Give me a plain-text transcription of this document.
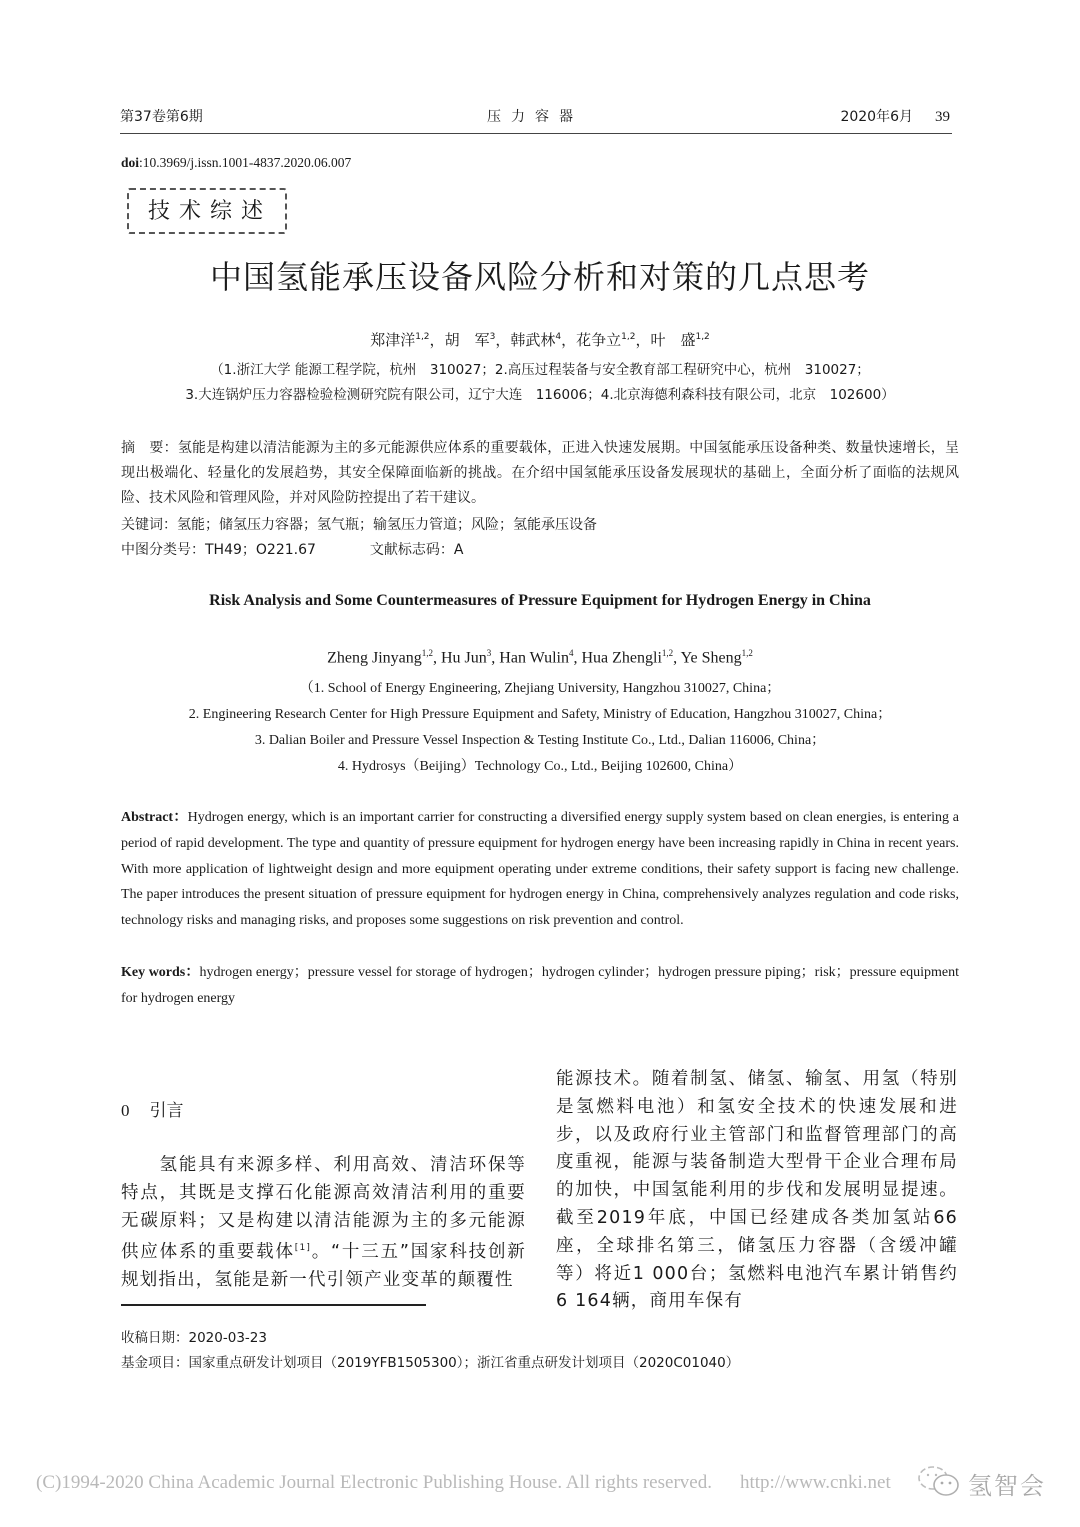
第37卷第6期	压力容器	2020年6月 39
doi:10.3969/j.issn.1001-4837.2020.06.007
技术综述
中国氢能承压设备风险分析和对策的几点思考
郑津洋$^{1,2}$，胡　军$^3$，韩武林$^4$，花争立$^{1,2}$，叶　盛$^{1,2}$
（1.浙江大学 能源工程学院，杭州　310027；2.高压过程装备与安全教育部工程研究中心，杭州　310027；
3.大连锅炉压力容器检验检测研究院有限公司，辽宁大连　116006；4.北京海德利森科技有限公司，北京　102600）
摘　要：氢能是构建以清洁能源为主的多元能源供应体系的重要载体，正进入快速发展期。中国氢能承压设备种类、数量快速增长，呈现出极端化、轻量化的发展趋势，其安全保障面临新的挑战。在介绍中国氢能承压设备发展现状的基础上，全面分析了面临的法规风险、技术风险和管理风险，并对风险防控提出了若干建议。
关键词：氢能；储氢压力容器；氢气瓶；输氢压力管道；风险；氢能承压设备
中图分类号：TH49；O221.67	文献标志码：A
Risk Analysis and Some Countermeasures of Pressure Equipment for Hydrogen Energy in China
Zheng Jinyang$^{1,2}$, Hu Jun$^3$, Han Wulin$^4$, Hua Zhengli$^{1,2}$, Ye Sheng$^{1,2}$
（1. School of Energy Engineering, Zhejiang University, Hangzhou 310027, China；
2. Engineering Research Center for High Pressure Equipment and Safety, Ministry of Education, Hangzhou 310027, China；
3. Dalian Boiler and Pressure Vessel Inspection & Testing Institute Co., Ltd., Dalian 116006, China；
4. Hydrosys（Beijing）Technology Co., Ltd., Beijing 102600, China）
Abstract：Hydrogen energy, which is an important carrier for constructing a diversified energy supply system based on clean energies, is entering a period of rapid development. The type and quantity of pressure equipment for hydrogen energy have been increasing rapidly in China in recent years. With more application of lightweight design and more equipment operating under extreme conditions, their safety support is facing new challenge. The paper introduces the present situation of pressure equipment for hydrogen energy in China, comprehensively analyzes regulation and code risks, technology risks and managing risks, and proposes some suggestions on risk prevention and control.
Key words：hydrogen energy；pressure vessel for storage of hydrogen；hydrogen cylinder；hydrogen pressure piping；risk；pressure equipment for hydrogen energy
0 引言
氢能具有来源多样、利用高效、清洁环保等特点，其既是支撑石化能源高效清洁利用的重要无碳原料；又是构建以清洁能源为主的多元能源供应体系的重要载体[1]。“十三五”国家科技创新规划指出，氢能是新一代引领产业变革的颠覆性
能源技术。随着制氢、储氢、输氢、用氢（特别是氢燃料电池）和氢安全技术的快速发展和进步，以及政府行业主管部门和监督管理部门的高度重视，能源与装备制造大型骨干企业合理布局的加快，中国氢能利用的步伐和发展明显提速。截至2019年底，中国已经建成各类加氢站66座，全球排名第三，储氢压力容器（含缓冲罐等）将近1 000台；氢燃料电池汽车累计销售约6 164辆，商用车保有
收稿日期：2020-03-23
基金项目：国家重点研发计划项目（2019YFB1505300）；浙江省重点研发计划项目（2020C01040）
(C)1994-2020 China Academic Journal Electronic Publishing House. All rights reserved. http://www.cnki.net	氢智会
